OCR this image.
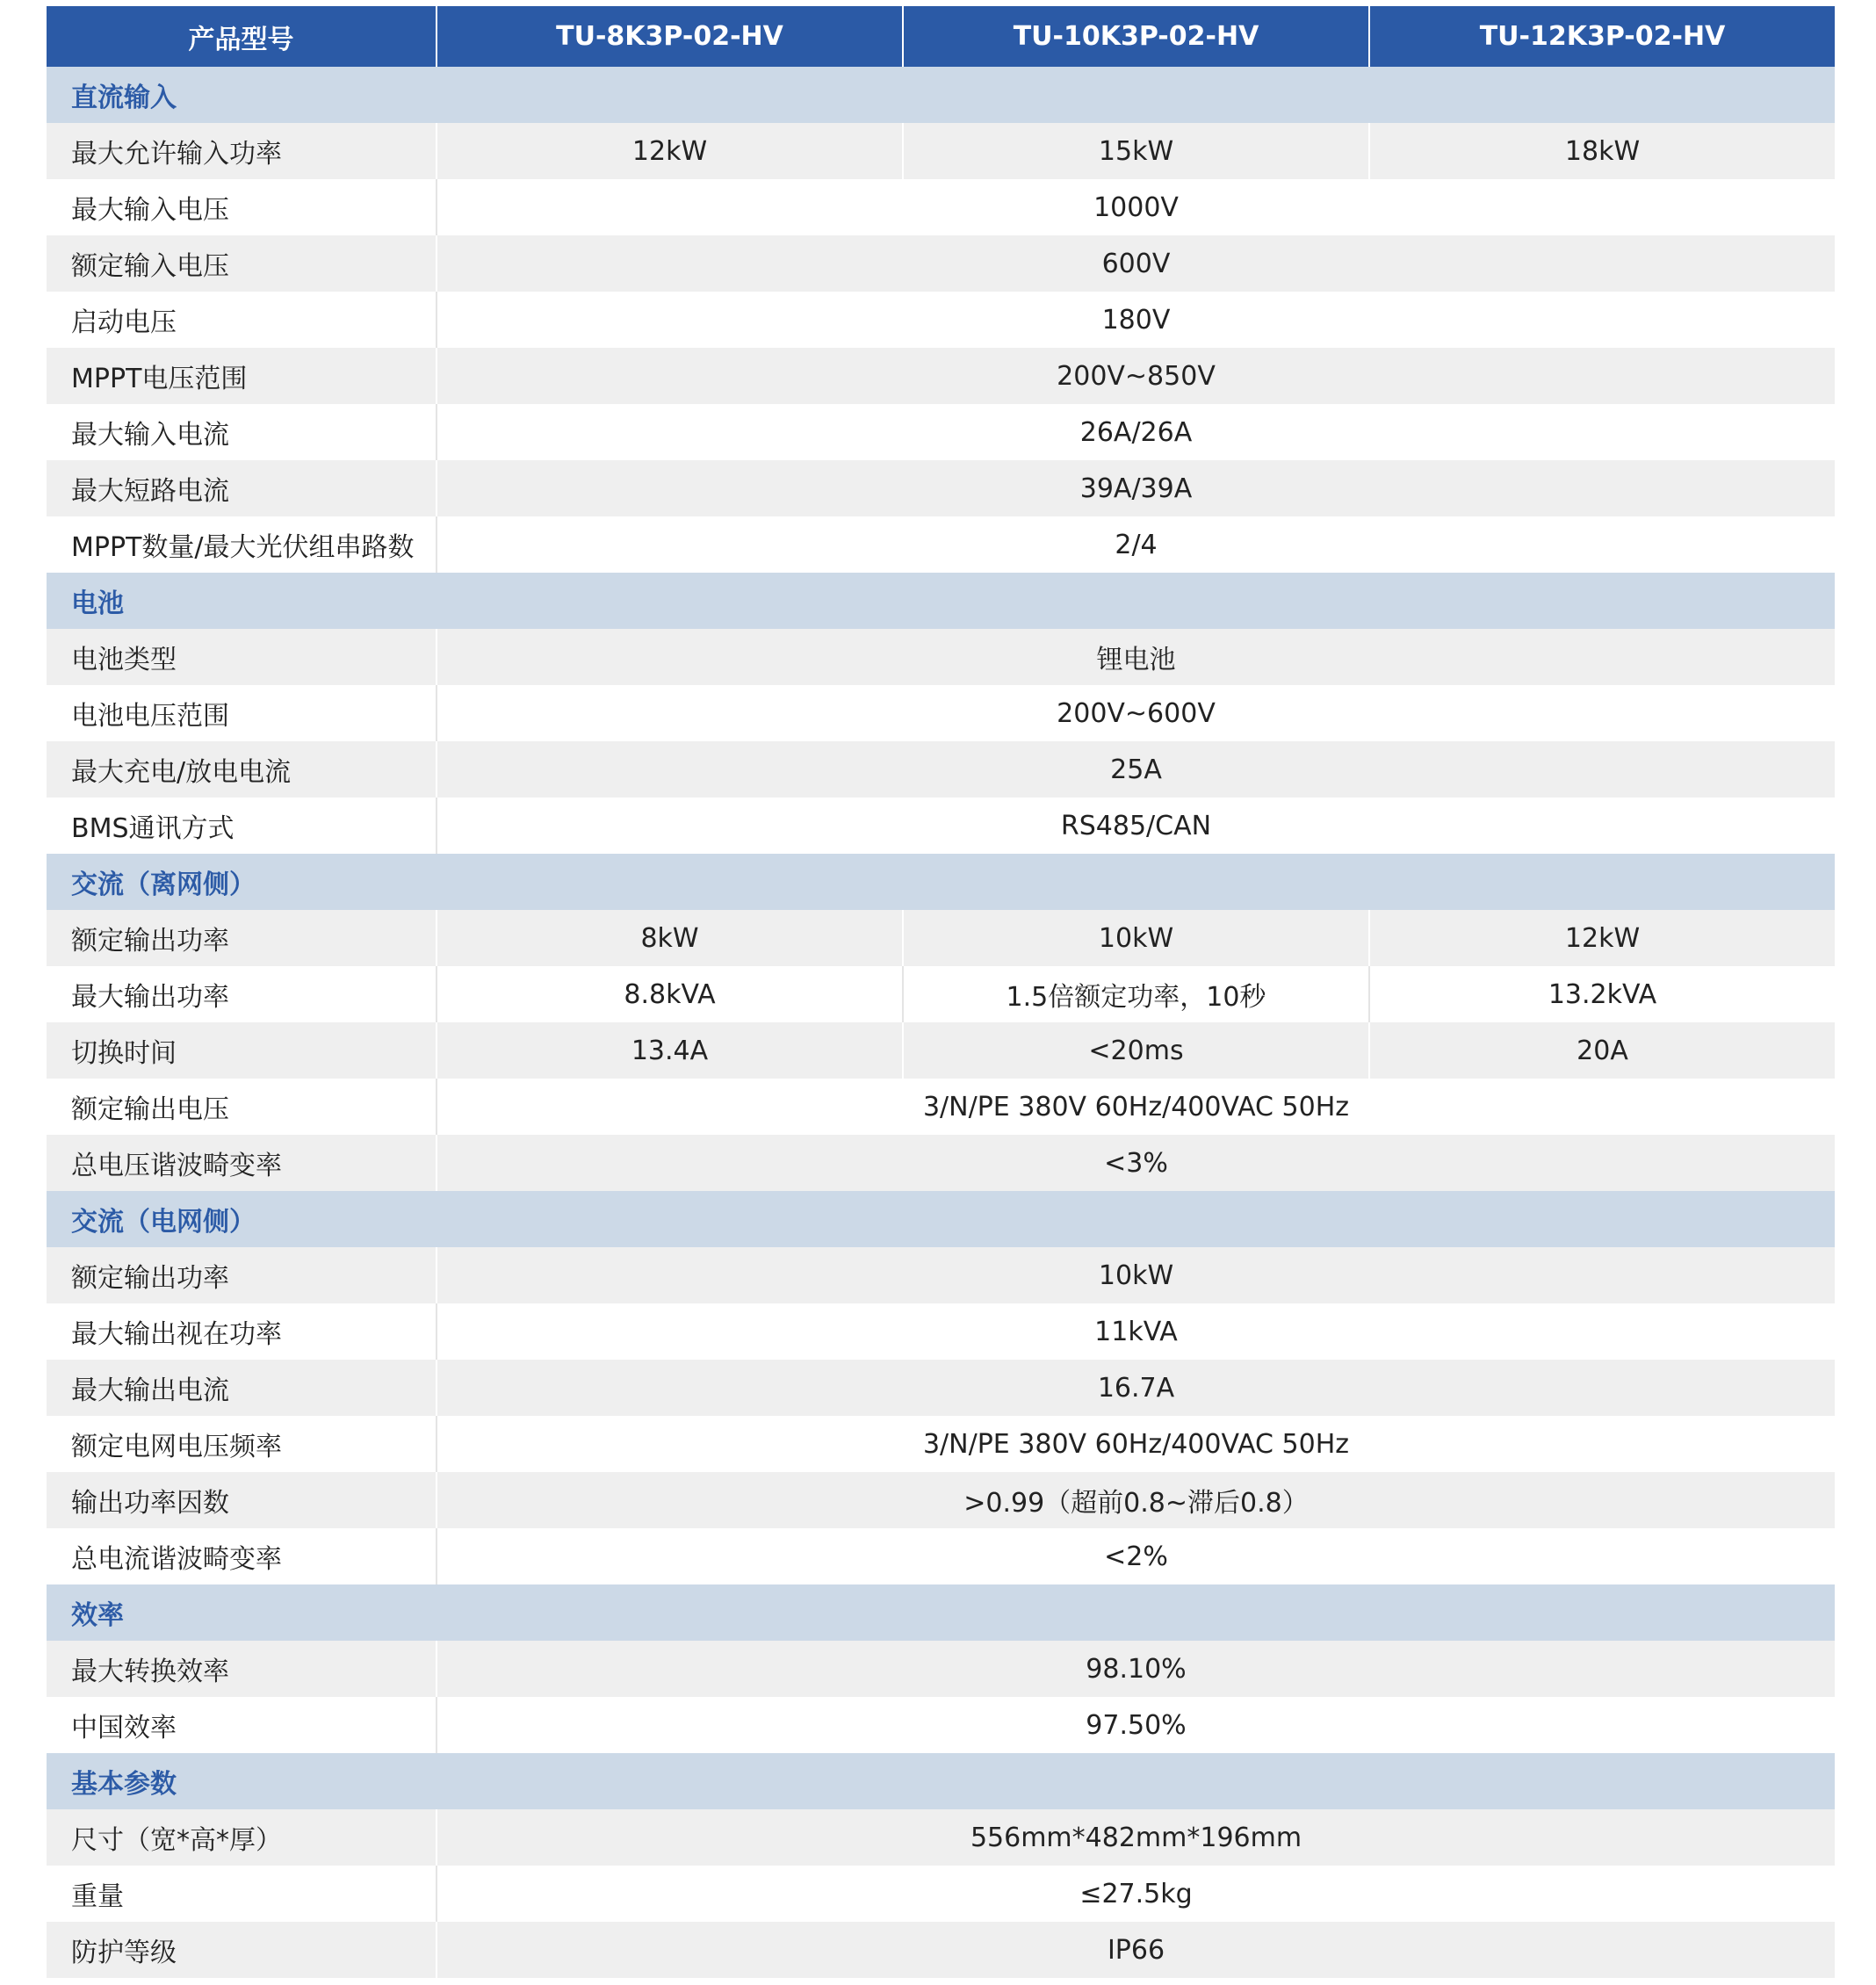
产品型号	TU-8K3P-02-HV	TU-10K3P-02-HV	TU-12K3P-02-HV
直流输入			
最大允许输入功率	12kW	15kW	18kW
最大输入电压	1000V		
额定输入电压	600V		
启动电压	180V		
MPPT电压范围	200V~850V		
最大输入电流	26A/26A		
最大短路电流	39A/39A		
MPPT数量/最大光伏组串路数	2/4		
电池			
电池类型	锂电池		
电池电压范围	200V~600V		
最大充电/放电电流	25A		
BMS通讯方式	RS485/CAN		
交流（离网侧）			
额定输出功率	8kW	10kW	12kW
最大输出功率	8.8kVA	1.5倍额定功率，10秒	13.2kVA
切换时间	13.4A	<20ms	20A
额定输出电压	3/N/PE 380V 60Hz/400VAC 50Hz		
总电压谐波畸变率	<3%		
交流（电网侧）			
额定输出功率	10kW		
最大输出视在功率	11kVA		
最大输出电流	16.7A		
额定电网电压频率	3/N/PE 380V 60Hz/400VAC 50Hz		
输出功率因数	>0.99（超前0.8~滞后0.8）		
总电流谐波畸变率	<2%		
效率			
最大转换效率	98.10%		
中国效率	97.50%		
基本参数			
尺寸（宽*高*厚）	556mm*482mm*196mm		
重量	≤27.5kg		
防护等级	IP66		
